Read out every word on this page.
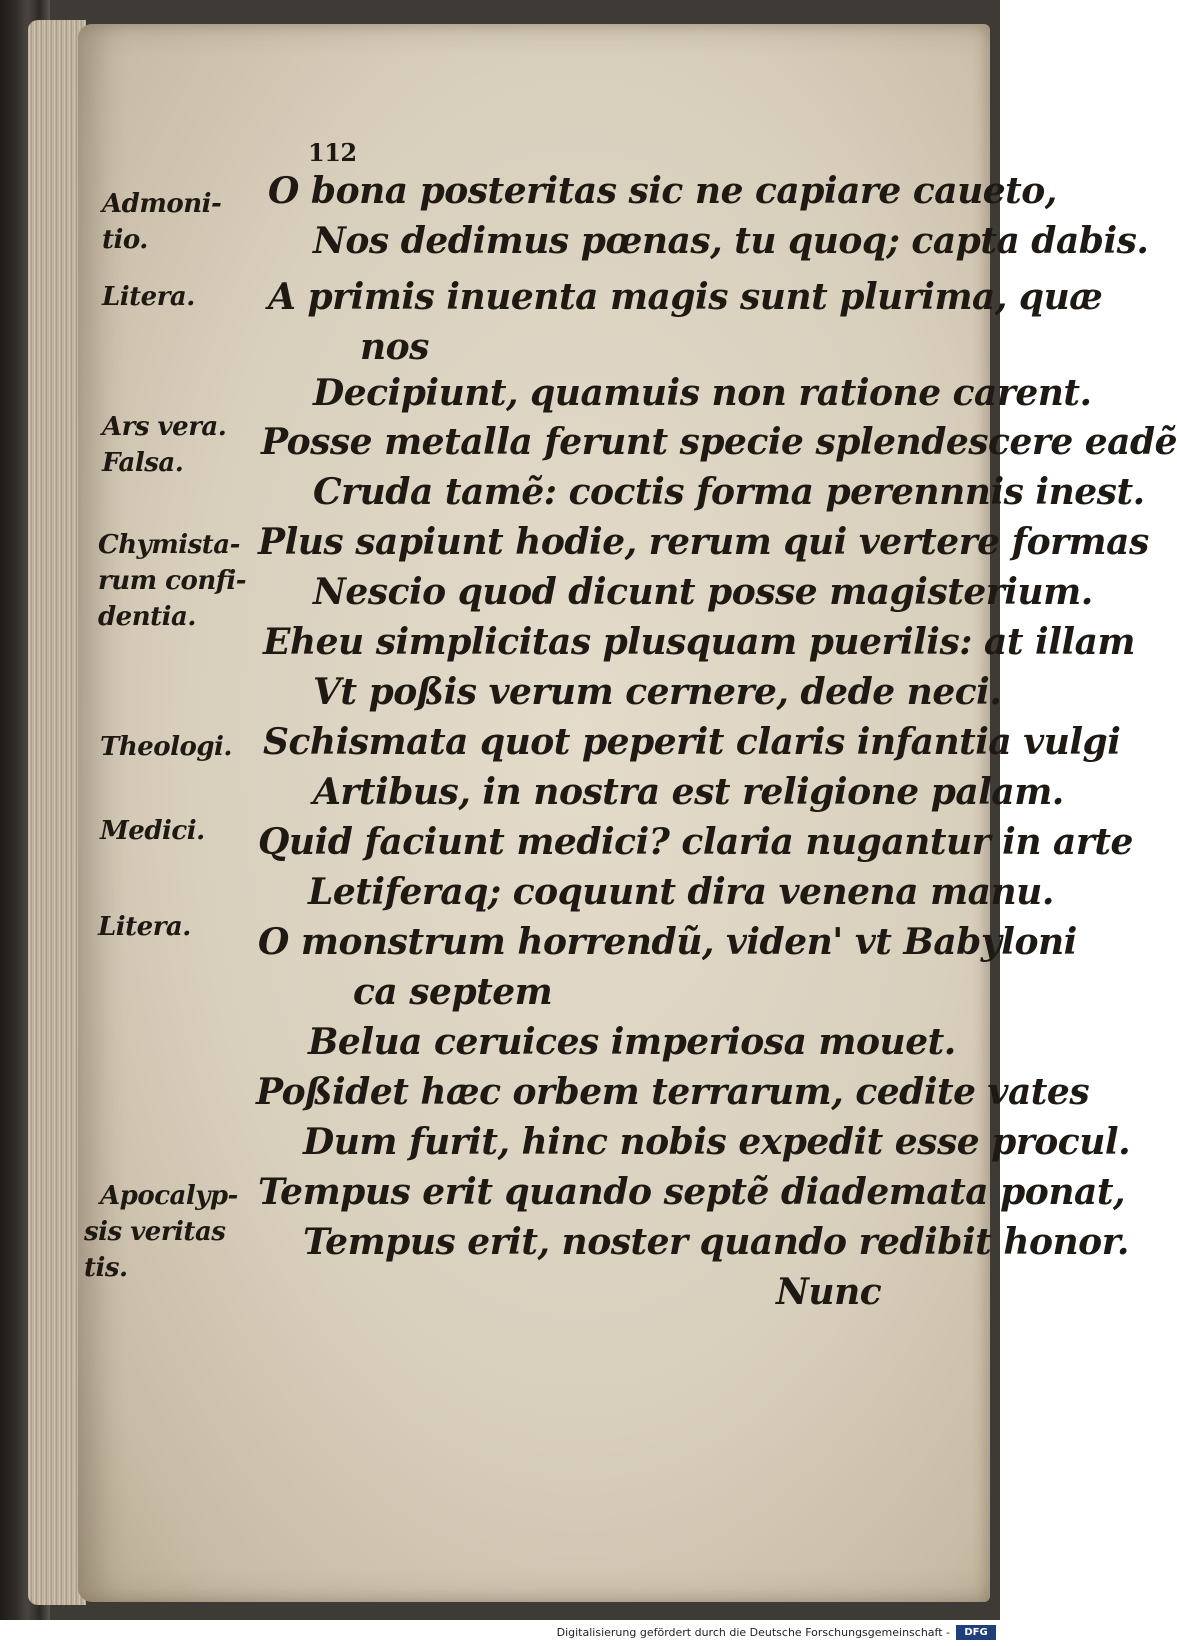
112
O bona posteritas sic ne capiare caueto,
Nos dedimus pœnas, tu quoq; capta dabis.
A primis inuenta magis sunt plurima, quæ
nos
Decipiunt, quamuis non ratione carent.
Posse metalla ferunt specie splendescere eadẽ
Cruda tamẽ: coctis forma perennnis inest.
Plus sapiunt hodie, rerum qui vertere formas
Nescio quod dicunt posse magisterium.
Eheu simplicitas plusquam puerilis: at illam
Vt poßis verum cernere, dede neci.
Schismata quot peperit claris infantia vulgi
Artibus, in nostra est religione palam.
Quid faciunt medici? claria nugantur in arte
Letiferaq; coquunt dira venena manu.
O monstrum horrendũ, viden' vt Babyloni
ca septem
Belua ceruices imperiosa mouet.
Poßidet hæc orbem terrarum, cedite vates
Dum furit, hinc nobis expedit esse procul.
Tempus erit quando septẽ diademata ponat,
Tempus erit, noster quando redibit honor.
Nunc
Admoni-
tio.
Litera.
Ars vera.
Falsa.
Chymista-
rum confi-
dentia.
Theologi.
Medici.
Litera.
Apocalyp-
sis veritas
tis.
Digitalisierung gefördert durch die Deutsche Forschungsgemeinschaft -	DFG
